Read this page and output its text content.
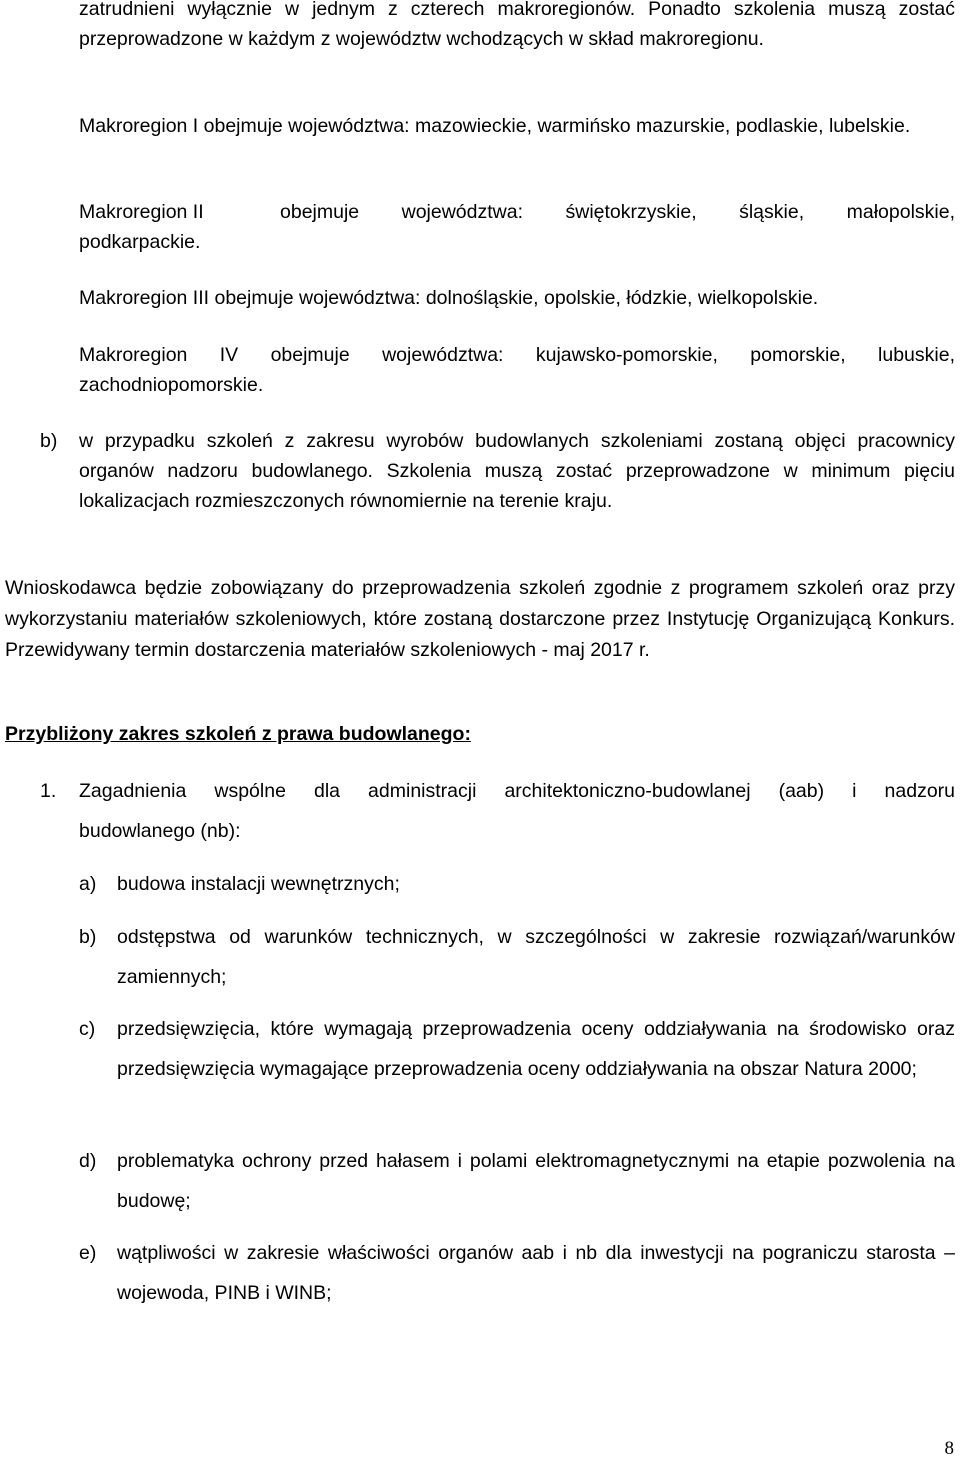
zatrudnieni wyłącznie w jednym z czterech makroregionów. Ponadto szkolenia muszą zostać przeprowadzone w każdym z województw wchodzących w skład makroregionu.

Makroregion I obejmuje województwa: mazowieckie, warmińsko mazurskie, podlaskie, lubelskie.

Makroregion II	obejmuje województwa: świętokrzyskie, śląskie, małopolskie,
podkarpackie.

Makroregion III obejmuje województwa: dolnośląskie, opolskie, łódzkie, wielkopolskie.

Makroregion IV obejmuje województwa: kujawsko-pomorskie, pomorskie, lubuskie, zachodniopomorskie.

b) w przypadku szkoleń z zakresu wyrobów budowlanych szkoleniami zostaną objęci pracownicy organów nadzoru budowlanego. Szkolenia muszą zostać przeprowadzone w minimum pięciu lokalizacjach rozmieszczonych równomiernie na terenie kraju.

Wnioskodawca będzie zobowiązany do przeprowadzenia szkoleń zgodnie z programem szkoleń oraz przy wykorzystaniu materiałów szkoleniowych, które zostaną dostarczone przez Instytucję Organizującą Konkurs. Przewidywany termin dostarczenia materiałów szkoleniowych - maj 2017 r.

Przybliżony zakres szkoleń z prawa budowlanego:

1. Zagadnienia wspólne dla administracji architektoniczno-budowlanej (aab) i nadzoru
budowlanego (nb):
a) budowa instalacji wewnętrznych;

b) odstępstwa od warunków technicznych, w szczególności w zakresie rozwiązań/warunków zamiennych;

c) przedsięwzięcia, które wymagają przeprowadzenia oceny oddziaływania na środowisko oraz przedsięwzięcia wymagające przeprowadzenia oceny oddziaływania na obszar Natura 2000;

d) problematyka ochrony przed hałasem i polami elektromagnetycznymi na etapie pozwolenia na budowę;

e) wątpliwości w zakresie właściwości organów aab i nb dla inwestycji na pograniczu starosta – wojewoda, PINB i WINB;

8
